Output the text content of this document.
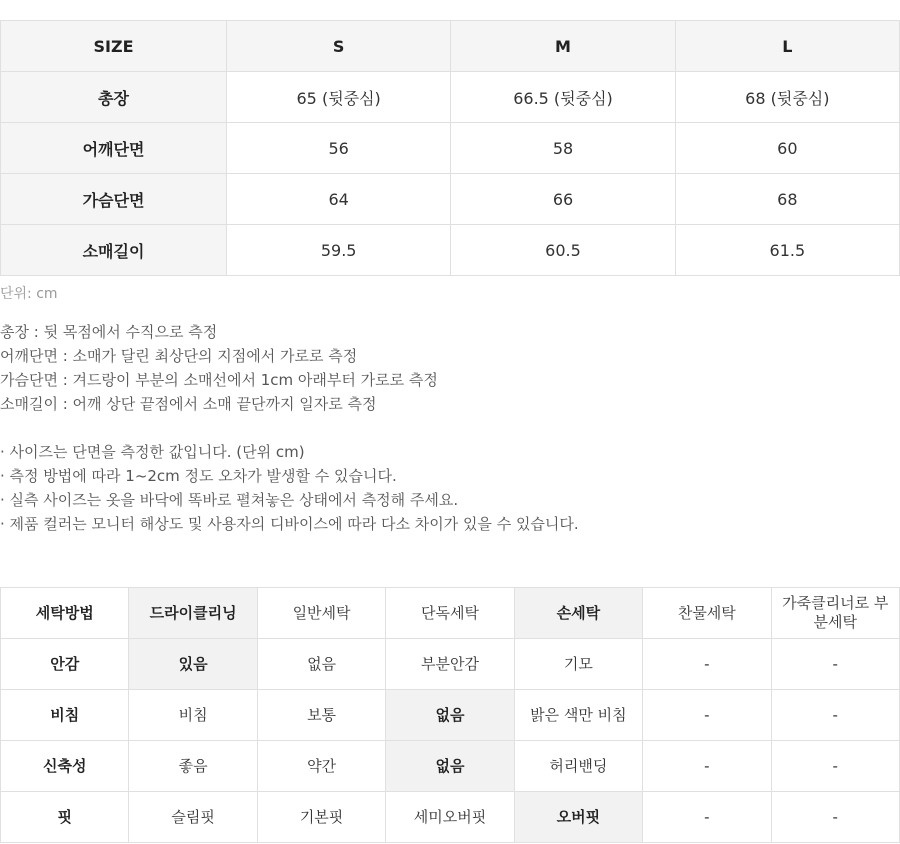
SIZE	S	M	L
총장	65 (뒷중심)	66.5 (뒷중심)	68 (뒷중심)
어깨단면	56	58	60
가슴단면	64	66	68
소매길이	59.5	60.5	61.5
단위: cm
총장 : 뒷 목점에서 수직으로 측정
어깨단면 : 소매가 달린 최상단의 지점에서 가로로 측정
가슴단면 : 겨드랑이 부분의 소매선에서 1cm 아래부터 가로로 측정
소매길이 : 어깨 상단 끝점에서 소매 끝단까지 일자로 측정
· 사이즈는 단면을 측정한 값입니다. (단위 cm)
· 측정 방법에 따라 1~2cm 정도 오차가 발생할 수 있습니다.
· 실측 사이즈는 옷을 바닥에 똑바로 펼쳐놓은 상태에서 측정해 주세요.
· 제품 컬러는 모니터 해상도 및 사용자의 디바이스에 따라 다소 차이가 있을 수 있습니다.
세탁방법	드라이클리닝	일반세탁	단독세탁	손세탁	찬물세탁	가죽클리너로 부분세탁
안감	있음	없음	부분안감	기모	-	-
비침	비침	보통	없음	밝은 색만 비침	-	-
신축성	좋음	약간	없음	허리밴딩	-	-
핏	슬림핏	기본핏	세미오버핏	오버핏	-	-
